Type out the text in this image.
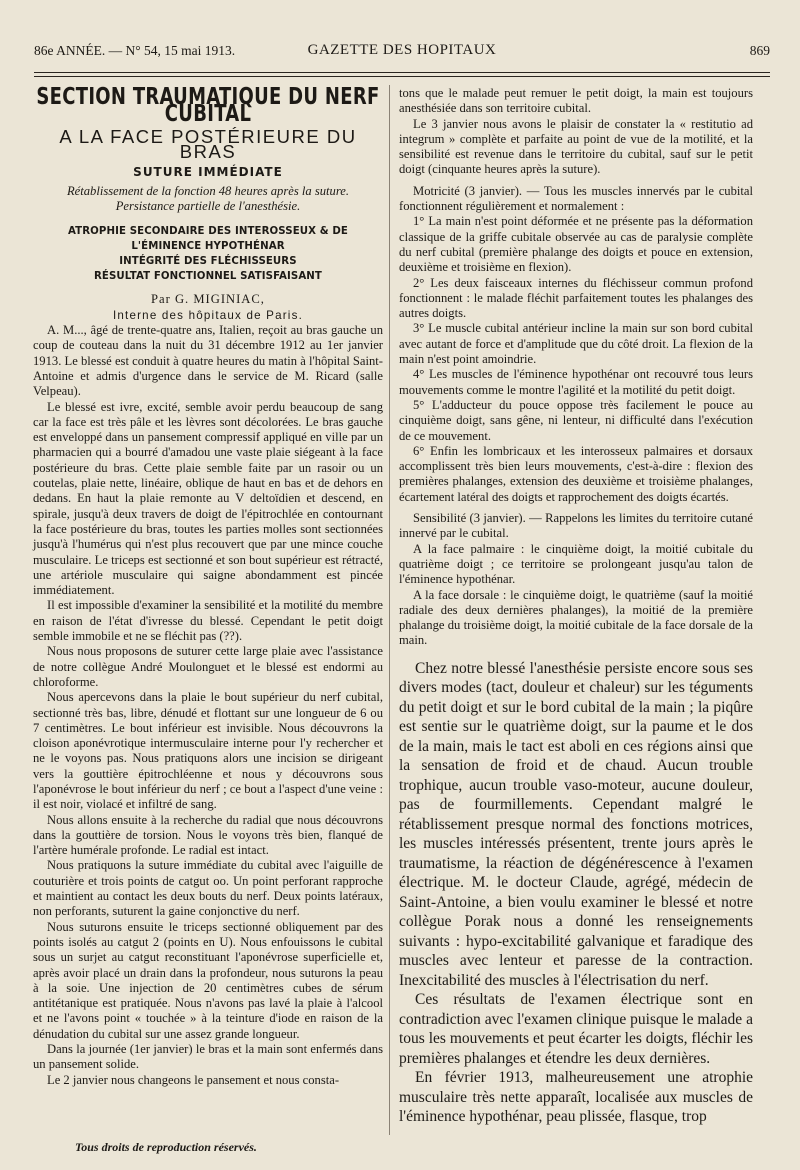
86e ANNÉE. — N° 54, 15 mai 1913.	GAZETTE DES HOPITAUX	869
SECTION TRAUMATIQUE DU NERF CUBITAL
A LA FACE POSTÉRIEURE DU BRAS
SUTURE IMMÉDIATE

Rétablissement de la fonction 48 heures après la suture.

Persistance partielle de l'anesthésie.

ATROPHIE SECONDAIRE DES INTEROSSEUX & DE L'ÉMINENCE HYPOTHÉNAR
INTÉGRITÉ DES FLÉCHISSEURS
RÉSULTAT FONCTIONNEL SATISFAISANT

Par G. MIGINIAC,

Interne des hôpitaux de Paris.

A. M..., âgé de trente-quatre ans, Italien, reçoit au bras gauche un coup de couteau dans la nuit du 31 décembre 1912 au 1er janvier 1913. Le blessé est conduit à quatre heures du matin à l'hôpital Saint-Antoine et admis d'urgence dans le service de M. Ricard (salle Velpeau).

Le blessé est ivre, excité, semble avoir perdu beaucoup de sang car la face est très pâle et les lèvres sont décolorées. Le bras gauche est enveloppé dans un pansement compressif appliqué en ville par un pharmacien qui a bourré d'amadou une vaste plaie siégeant à la face postérieure du bras. Cette plaie semble faite par un rasoir ou un coutelas, plaie nette, linéaire, oblique de haut en bas et de dehors en dedans. En haut la plaie remonte au V deltoïdien et descend, en spirale, jusqu'à deux travers de doigt de l'épitrochlée en contournant la face postérieure du bras, toutes les parties molles sont sectionnées jusqu'à l'humérus qui n'est plus recouvert que par une mince couche musculaire. Le triceps est sectionné et son bout supérieur est rétracté, une artériole musculaire qui saigne abondamment est pincée immédiatement.

Il est impossible d'examiner la sensibilité et la motilité du membre en raison de l'état d'ivresse du blessé. Cependant le petit doigt semble immobile et ne se fléchit pas (??).

Nous nous proposons de suturer cette large plaie avec l'assistance de notre collègue André Moulonguet et le blessé est endormi au chloroforme.

Nous apercevons dans la plaie le bout supérieur du nerf cubital, sectionné très bas, libre, dénudé et flottant sur une longueur de 6 ou 7 centimètres. Le bout inférieur est invisible. Nous découvrons la cloison aponévrotique intermusculaire interne pour l'y rechercher et ne le voyons pas. Nous pratiquons alors une incision se dirigeant vers la gouttière épitrochléenne et nous y découvrons sous l'aponévrose le bout inférieur du nerf ; ce bout a l'aspect d'une veine : il est noir, violacé et infiltré de sang.

Nous allons ensuite à la recherche du radial que nous découvrons dans la gouttière de torsion. Nous le voyons très bien, flanqué de l'artère humérale profonde. Le radial est intact.

Nous pratiquons la suture immédiate du cubital avec l'aiguille de couturière et trois points de catgut oo. Un point perforant rapproche et maintient au contact les deux bouts du nerf. Deux points latéraux, non perforants, suturent la gaine conjonctive du nerf.

Nous suturons ensuite le triceps sectionné obliquement par des points isolés au catgut 2 (points en U). Nous enfouissons le cubital sous un surjet au catgut reconstituant l'aponévrose superficielle et, après avoir placé un drain dans la profondeur, nous suturons la peau à la soie. Une injection de 20 centimètres cubes de sérum antitétanique est pratiquée. Nous n'avons pas lavé la plaie à l'alcool et ne l'avons point « touchée » à la teinture d'iode en raison de la dénudation du cubital sur une assez grande longueur.

Dans la journée (1er janvier) le bras et la main sont enfermés dans un pansement solide.

Le 2 janvier nous changeons le pansement et nous consta-

tons que le malade peut remuer le petit doigt, la main est toujours anesthésiée dans son territoire cubital.

Le 3 janvier nous avons le plaisir de constater la « restitutio ad integrum » complète et parfaite au point de vue de la motilité, et la sensibilité est revenue dans le territoire du cubital, sauf sur le petit doigt (cinquante heures après la suture).

Motricité (3 janvier). — Tous les muscles innervés par le cubital fonctionnent régulièrement et normalement :

1° La main n'est point déformée et ne présente pas la déformation classique de la griffe cubitale observée au cas de paralysie complète du nerf cubital (première phalange des doigts et pouce en extension, deuxième et troisième en flexion).

2° Les deux faisceaux internes du fléchisseur commun profond fonctionnent : le malade fléchit parfaitement toutes les phalanges des autres doigts.

3° Le muscle cubital antérieur incline la main sur son bord cubital avec autant de force et d'amplitude que du côté droit. La flexion de la main n'est point amoindrie.

4° Les muscles de l'éminence hypothénar ont recouvré tous leurs mouvements comme le montre l'agilité et la motilité du petit doigt.

5° L'adducteur du pouce oppose très facilement le pouce au cinquième doigt, sans gêne, ni lenteur, ni difficulté dans l'exécution de ce mouvement.

6° Enfin les lombricaux et les interosseux palmaires et dorsaux accomplissent très bien leurs mouvements, c'est-à-dire : flexion des premières phalanges, extension des deuxième et troisième phalanges, écartement latéral des doigts et rapprochement des doigts écartés.

Sensibilité (3 janvier). — Rappelons les limites du territoire cutané innervé par le cubital.

A la face palmaire : le cinquième doigt, la moitié cubitale du quatrième doigt ; ce territoire se prolongeant jusqu'au talon de l'éminence hypothénar.

A la face dorsale : le cinquième doigt, le quatrième (sauf la moitié radiale des deux dernières phalanges), la moitié de la première phalange du troisième doigt, la moitié cubitale de la face dorsale de la main.

Chez notre blessé l'anesthésie persiste encore sous ses divers modes (tact, douleur et chaleur) sur les téguments du petit doigt et sur le bord cubital de la main ; la piqûre est sentie sur le quatrième doigt, sur la paume et le dos de la main, mais le tact est aboli en ces régions ainsi que la sensation de froid et de chaud. Aucun trouble trophique, aucun trouble vaso-moteur, aucune douleur, pas de fourmillements. Cependant malgré le rétablissement presque normal des fonctions motrices, les muscles intéressés présentent, trente jours après le traumatisme, la réaction de dégénérescence à l'examen électrique. M. le docteur Claude, agrégé, médecin de Saint-Antoine, a bien voulu examiner le blessé et notre collègue Porak nous a donné les renseignements suivants : hypo-excitabilité galvanique et faradique des muscles avec lenteur et paresse de la contraction. Inexcitabilité des muscles à l'électrisation du nerf.

Ces résultats de l'examen électrique sont en contradiction avec l'examen clinique puisque le malade a tous les mouvements et peut écarter les doigts, fléchir les premières phalanges et étendre les deux dernières.

En février 1913, malheureusement une atrophie musculaire très nette apparaît, localisée aux muscles de l'éminence hypothénar, peau plissée, flasque, trop

Tous droits de reproduction réservés.
